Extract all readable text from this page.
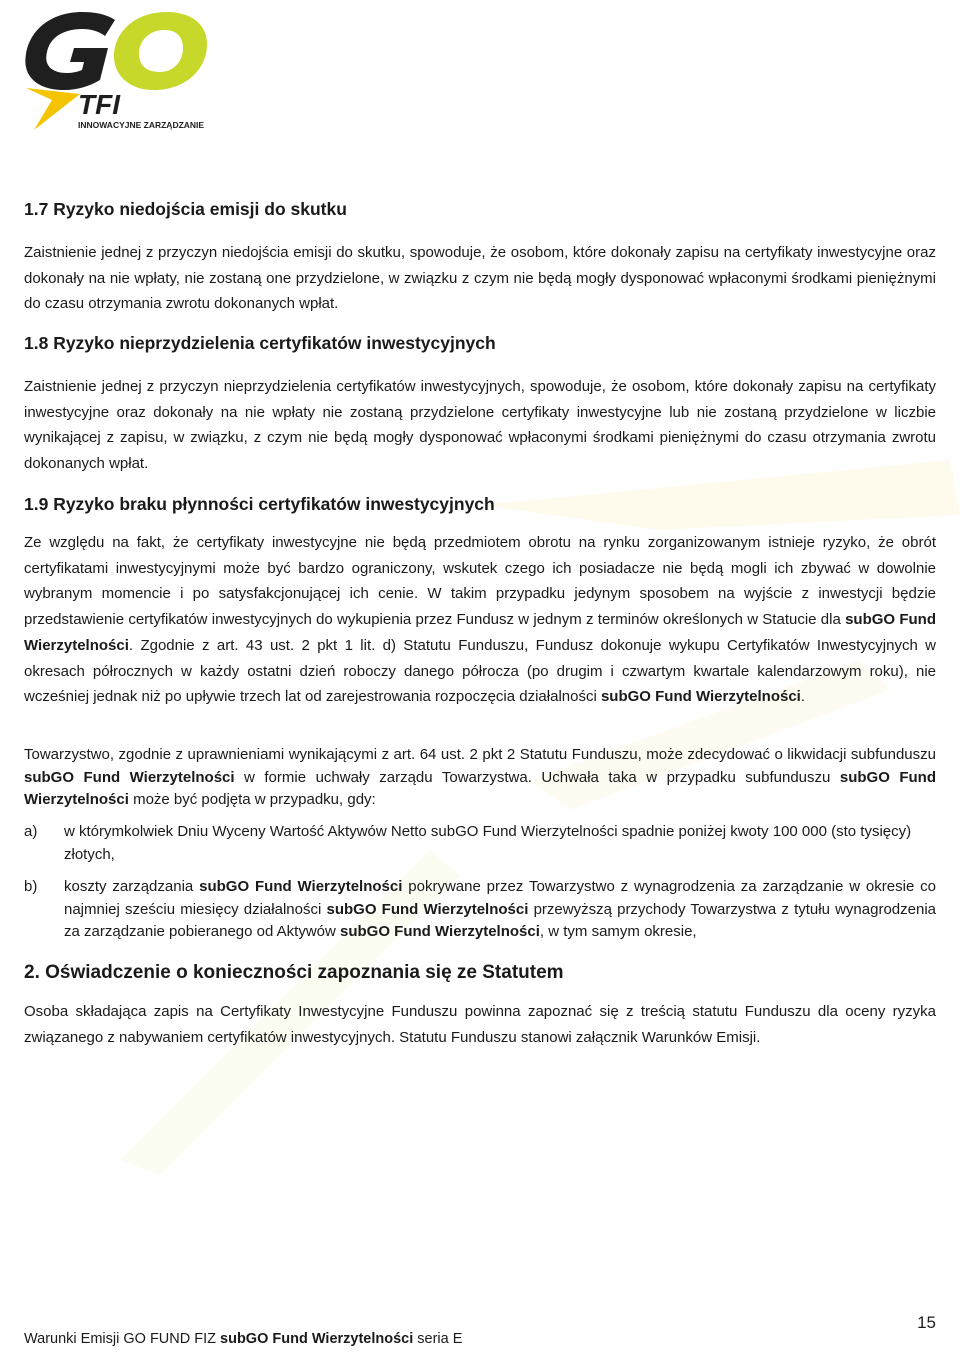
TFI
INNOWACYJNE ZARZĄDZANIE
1.7 Ryzyko niedojścia emisji do skutku

Zaistnienie jednej z przyczyn niedojścia emisji do skutku, spowoduje, że osobom, które dokonały zapisu na certyfikaty inwestycyjne oraz dokonały na nie wpłaty, nie zostaną one przydzielone, w związku z czym nie będą mogły dysponować wpłaconymi środkami pieniężnymi do czasu otrzymania zwrotu dokonanych wpłat.

1.8 Ryzyko nieprzydzielenia certyfikatów inwestycyjnych

Zaistnienie jednej z przyczyn nieprzydzielenia certyfikatów inwestycyjnych, spowoduje, że osobom, które dokonały zapisu na certyfikaty inwestycyjne oraz dokonały na nie wpłaty nie zostaną przydzielone certyfikaty inwestycyjne lub nie zostaną przydzielone w liczbie wynikającej z zapisu, w związku, z czym nie będą mogły dysponować wpłaconymi środkami pieniężnymi do czasu otrzymania zwrotu dokonanych wpłat.

1.9 Ryzyko braku płynności certyfikatów inwestycyjnych

Ze względu na fakt, że certyfikaty inwestycyjne nie będą przedmiotem obrotu na rynku zorganizowanym istnieje ryzyko, że obrót certyfikatami inwestycyjnymi może być bardzo ograniczony, wskutek czego ich posiadacze nie będą mogli ich zbywać w dowolnie wybranym momencie i po satysfakcjonującej ich cenie. W takim przypadku jedynym sposobem na wyjście z inwestycji będzie przedstawienie certyfikatów inwestycyjnych do wykupienia przez Fundusz w jednym z terminów określonych w Statucie dla subGO Fund Wierzytelności. Zgodnie z art. 43 ust. 2 pkt 1 lit. d) Statutu Funduszu, Fundusz dokonuje wykupu Certyfikatów Inwestycyjnych w okresach półrocznych w każdy ostatni dzień roboczy danego półrocza (po drugim i czwartym kwartale kalendarzowym roku), nie wcześniej jednak niż po upływie trzech lat od zarejestrowania rozpoczęcia działalności subGO Fund Wierzytelności.

Towarzystwo, zgodnie z uprawnieniami wynikającymi z art. 64 ust. 2 pkt 2 Statutu Funduszu, może zdecydować o likwidacji subfunduszu subGO Fund Wierzytelności w formie uchwały zarządu Towarzystwa. Uchwała taka w przypadku subfunduszu subGO Fund Wierzytelności może być podjęta w przypadku, gdy:

a) w którymkolwiek Dniu Wyceny Wartość Aktywów Netto subGO Fund Wierzytelności spadnie poniżej kwoty 100 000 (sto tysięcy) złotych,
b) koszty zarządzania subGO Fund Wierzytelności pokrywane przez Towarzystwo z wynagrodzenia za zarządzanie w okresie co najmniej sześciu miesięcy działalności subGO Fund Wierzytelności przewyższą przychody Towarzystwa z tytułu wynagrodzenia za zarządzanie pobieranego od Aktywów subGO Fund Wierzytelności, w tym samym okresie,
2. Oświadczenie o konieczności zapoznania się ze Statutem

Osoba składająca zapis na Certyfikaty Inwestycyjne Funduszu powinna zapoznać się z treścią statutu Funduszu dla oceny ryzyka związanego z nabywaniem certyfikatów inwestycyjnych. Statutu Funduszu stanowi załącznik Warunków Emisji.

Warunki Emisji GO FUND FIZ subGO Fund Wierzytelności seria E
15
